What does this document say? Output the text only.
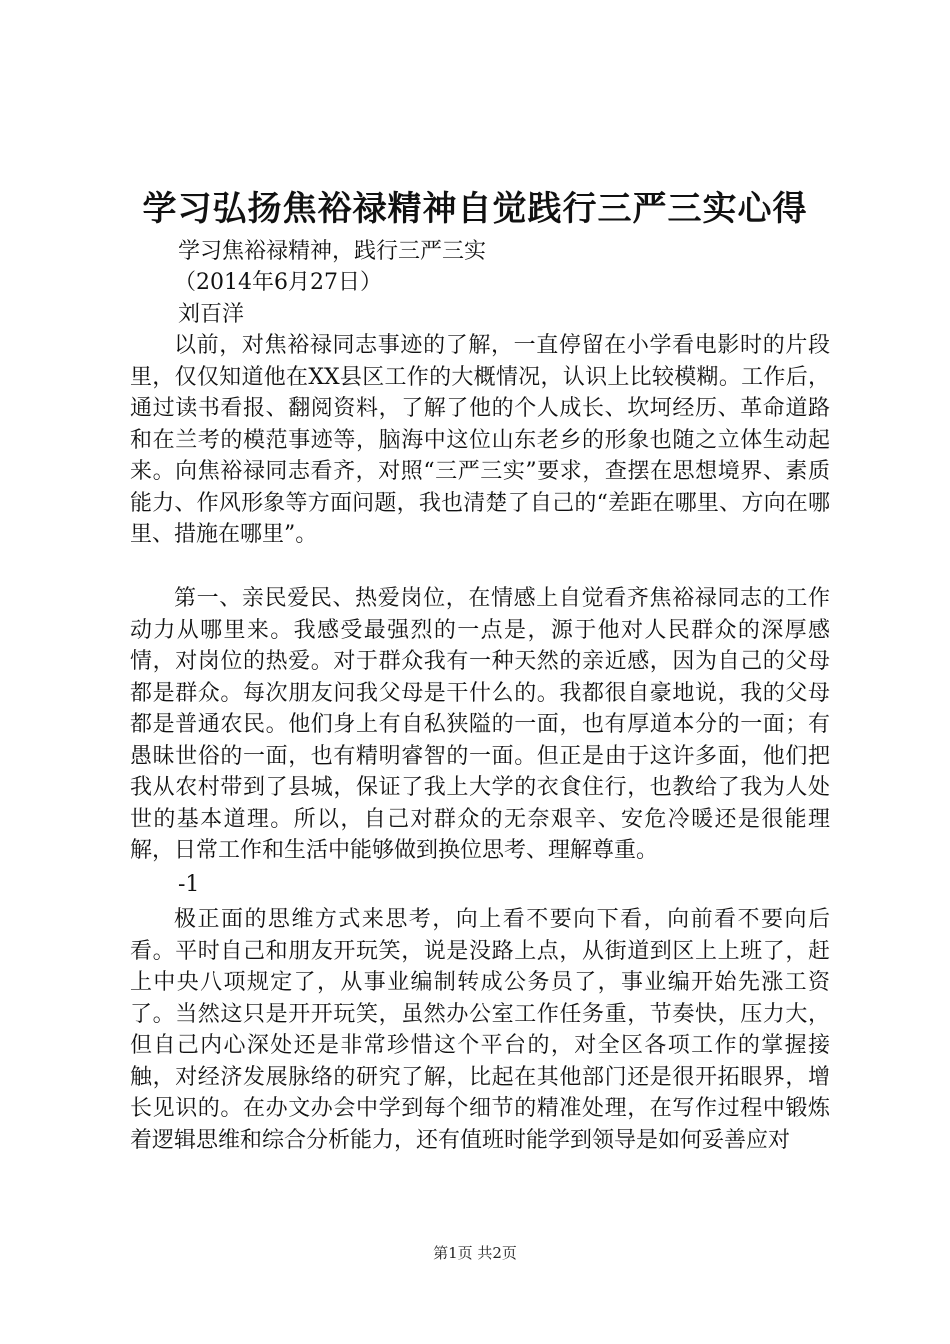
学习弘扬焦裕禄精神自觉践行三严三实心得
学习焦裕禄精神，践行三严三实
（2014年6月27日）
刘百洋

以前，对焦裕禄同志事迹的了解，一直停留在小学看电影时的片段里，仅仅知道他在XX县区工作的大概情况，认识上比较模糊。工作后，通过读书看报、翻阅资料，了解了他的个人成长、坎坷经历、革命道路和在兰考的模范事迹等，脑海中这位山东老乡的形象也随之立体生动起来。向焦裕禄同志看齐，对照“三严三实”要求，查摆在思想境界、素质能力、作风形象等方面问题，我也清楚了自己的“差距在哪里、方向在哪里、措施在哪里”。

第一、亲民爱民、热爱岗位，在情感上自觉看齐焦裕禄同志的工作动力从哪里来。我感受最强烈的一点是，源于他对人民群众的深厚感情，对岗位的热爱。对于群众我有一种天然的亲近感，因为自己的父母都是群众。每次朋友问我父母是干什么的。我都很自豪地说，我的父母都是普通农民。他们身上有自私狭隘的一面，也有厚道本分的一面；有愚昧世俗的一面，也有精明睿智的一面。但正是由于这许多面，他们把我从农村带到了县城，保证了我上大学的衣食住行，也教给了我为人处世的基本道理。所以，自己对群众的无奈艰辛、安危冷暖还是很能理解，日常工作和生活中能够做到换位思考、理解尊重。

-1

极正面的思维方式来思考，向上看不要向下看，向前看不要向后看。平时自己和朋友开玩笑，说是没路上点，从街道到区上上班了，赶上中央八项规定了，从事业编制转成公务员了，事业编开始先涨工资了。当然这只是开开玩笑，虽然办公室工作任务重，节奏快，压力大，但自己内心深处还是非常珍惜这个平台的，对全区各项工作的掌握接触，对经济发展脉络的研究了解，比起在其他部门还是很开拓眼界，增长见识的。在办文办会中学到每个细节的精准处理，在写作过程中锻炼着逻辑思维和综合分析能力，还有值班时能学到领导是如何妥善应对

第1页 共2页
